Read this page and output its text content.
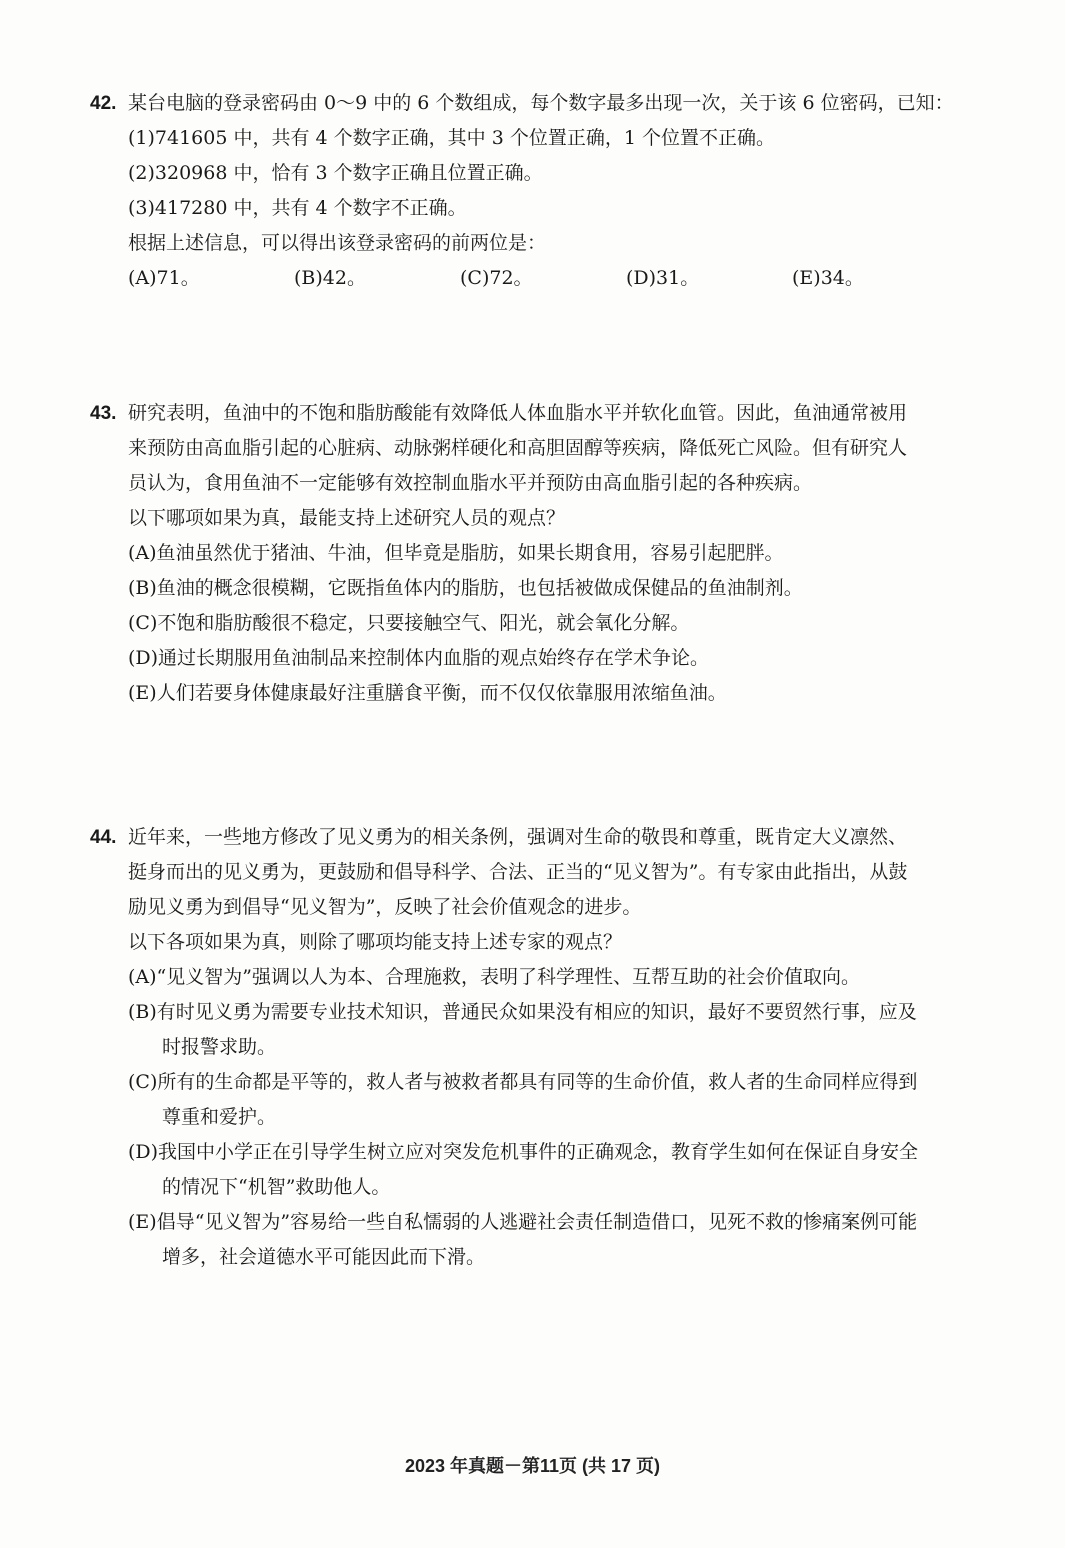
42. 某台电脑的登录密码由 0～9 中的 6 个数组成，每个数字最多出现一次，关于该 6 位密码，已知：
(1)741605 中，共有 4 个数字正确，其中 3 个位置正确，1 个位置不正确。
(2)320968 中，恰有 3 个数字正确且位置正确。
(3)417280 中，共有 4 个数字不正确。
根据上述信息，可以得出该登录密码的前两位是：
(A)71。	(B)42。	(C)72。	(D)31。	(E)34。
43. 研究表明，鱼油中的不饱和脂肪酸能有效降低人体血脂水平并软化血管。因此，鱼油通常被用
来预防由高血脂引起的心脏病、动脉粥样硬化和高胆固醇等疾病，降低死亡风险。但有研究人
员认为，食用鱼油不一定能够有效控制血脂水平并预防由高血脂引起的各种疾病。
以下哪项如果为真，最能支持上述研究人员的观点？
(A)鱼油虽然优于猪油、牛油，但毕竟是脂肪，如果长期食用，容易引起肥胖。
(B)鱼油的概念很模糊，它既指鱼体内的脂肪，也包括被做成保健品的鱼油制剂。
(C)不饱和脂肪酸很不稳定，只要接触空气、阳光，就会氧化分解。
(D)通过长期服用鱼油制品来控制体内血脂的观点始终存在学术争论。
(E)人们若要身体健康最好注重膳食平衡，而不仅仅依靠服用浓缩鱼油。
44. 近年来，一些地方修改了见义勇为的相关条例，强调对生命的敬畏和尊重，既肯定大义凛然、
挺身而出的见义勇为，更鼓励和倡导科学、合法、正当的“见义智为”。有专家由此指出，从鼓
励见义勇为到倡导“见义智为”，反映了社会价值观念的进步。
以下各项如果为真，则除了哪项均能支持上述专家的观点？
(A)“见义智为”强调以人为本、合理施救，表明了科学理性、互帮互助的社会价值取向。
(B)有时见义勇为需要专业技术知识，普通民众如果没有相应的知识，最好不要贸然行事，应及
时报警求助。
(C)所有的生命都是平等的，救人者与被救者都具有同等的生命价值，救人者的生命同样应得到
尊重和爱护。
(D)我国中小学正在引导学生树立应对突发危机事件的正确观念，教育学生如何在保证自身安全
的情况下“机智”救助他人。
(E)倡导“见义智为”容易给一些自私懦弱的人逃避社会责任制造借口，见死不救的惨痛案例可能
增多，社会道德水平可能因此而下滑。
2023 年真题－第11页 (共 17 页)
